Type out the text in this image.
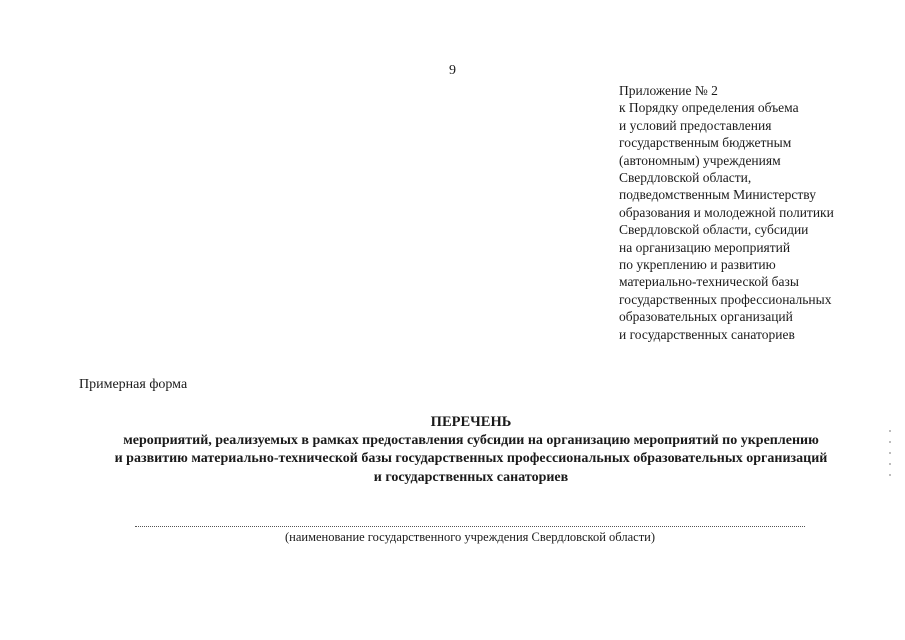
9
Приложение № 2
к Порядку определения объема
и условий предоставления
государственным бюджетным
(автономным) учреждениям
Свердловской области,
подведомственным Министерству
образования и молодежной политики
Свердловской области, субсидии
на организацию мероприятий
по укреплению и развитию
материально-технической базы
государственных профессиональных
образовательных организаций
и государственных санаториев
Примерная форма
ПЕРЕЧЕНЬ
мероприятий, реализуемых в рамках предоставления субсидии на организацию мероприятий по укреплению
и развитию материально-технической базы государственных профессиональных образовательных организаций
и государственных санаториев
(наименование государственного учреждения Свердловской области)
